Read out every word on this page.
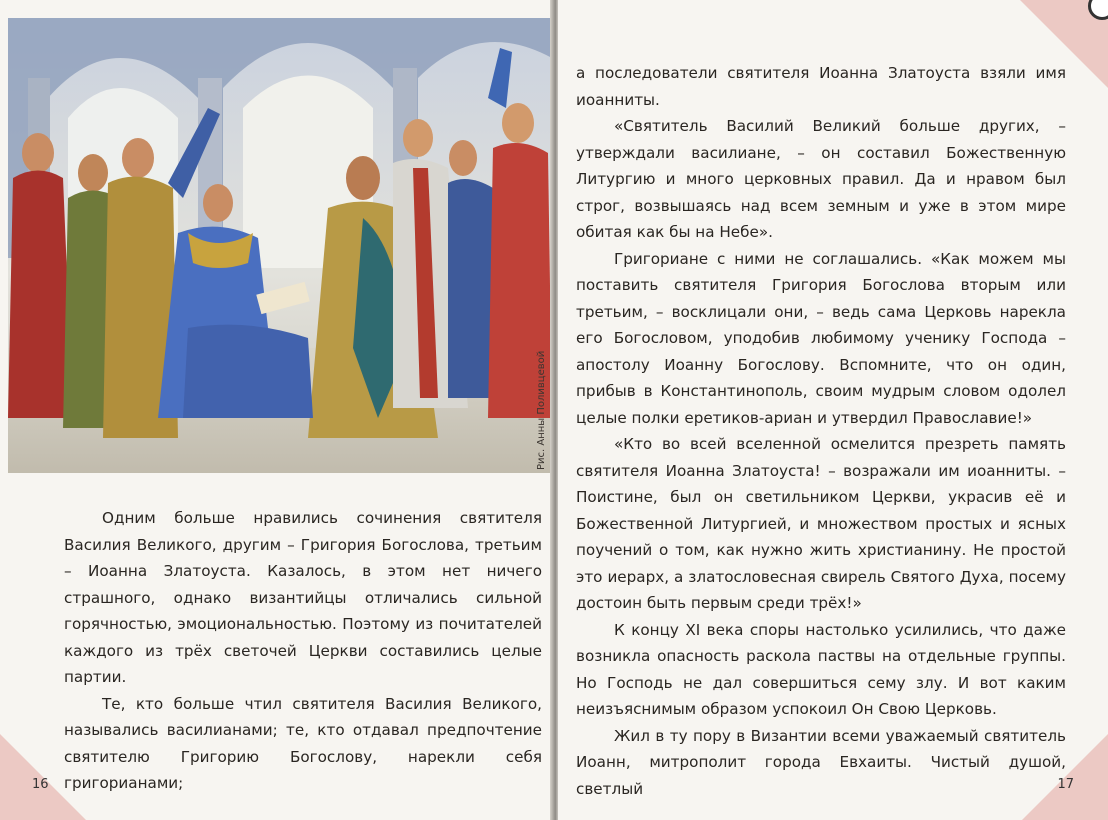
Рис. Анны Поливцевой

Одним больше нравились сочинения святителя Василия Великого, другим – Григория Богослова, третьим – Иоанна Златоуста. Казалось, в этом нет ничего страшного, однако византийцы отличались сильной горячностью, эмоциональностью. Поэтому из почитателей каждого из трёх светочей Церкви составились целые партии.

Те, кто больше чтил святителя Василия Великого, назывались василианами; те, кто отдавал предпочтение святителю Григорию Богослову, нарекли себя григорианами;

16

а последователи святителя Иоанна Златоуста взяли имя иоанниты.

«Святитель Василий Великий больше других, – утверждали василиане, – он составил Божественную Литургию и много церковных правил. Да и нравом был строг, возвышаясь над всем земным и уже в этом мире обитая как бы на Небе».

Григориане с ними не соглашались. «Как можем мы поставить святителя Григория Богослова вторым или третьим, – восклицали они, – ведь сама Церковь нарекла его Богословом, уподобив любимому ученику Господа – апостолу Иоанну Богослову. Вспомните, что он один, прибыв в Константинополь, своим мудрым словом одолел целые полки еретиков-ариан и утвердил Православие!»

«Кто во всей вселенной осмелится презреть память святителя Иоанна Златоуста! – возражали им иоанниты. – Поистине, был он светильником Церкви, украсив её и Божественной Литургией, и множеством простых и ясных поучений о том, как нужно жить христианину. Не простой это иерарх, а златословесная свирель Святого Духа, посему достоин быть первым среди трёх!»

К концу XI века споры настолько усилились, что даже возникла опасность раскола паствы на отдельные группы. Но Господь не дал совершиться сему злу. И вот каким неизъяснимым образом успокоил Он Свою Церковь.

Жил в ту пору в Византии всеми уважаемый святитель Иоанн, митрополит города Евхаиты. Чистый душой, светлый	17
